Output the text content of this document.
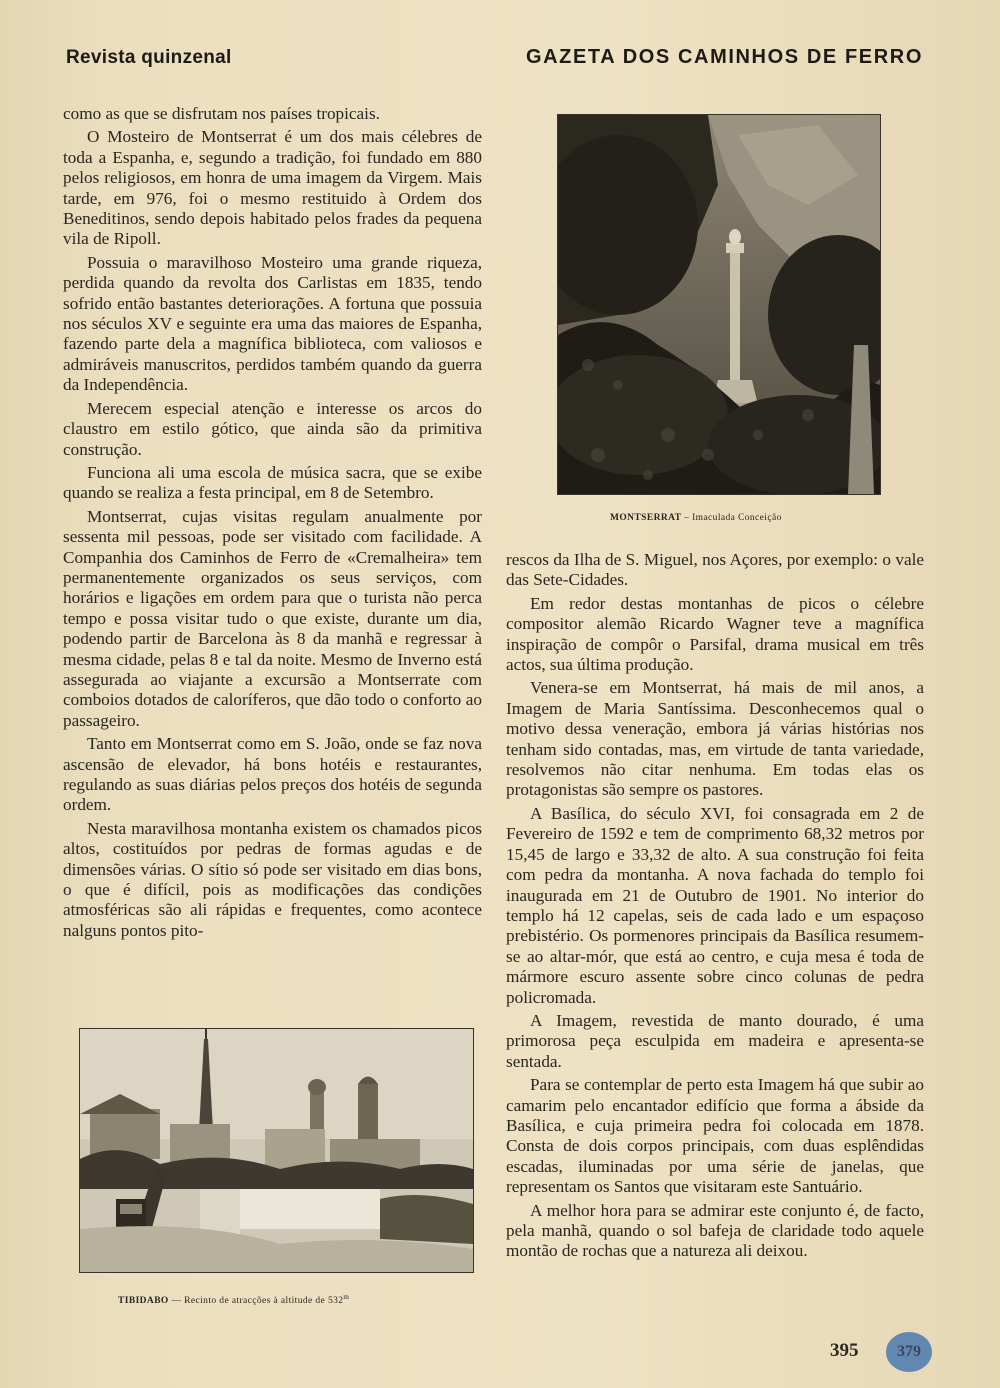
Revista quinzenal	GAZETA DOS CAMINHOS DE FERRO

como as que se disfrutam nos países tropicais.

O Mosteiro de Montserrat é um dos mais célebres de toda a Espanha, e, segundo a tradição, foi fundado em 880 pelos religiosos, em honra de uma imagem da Virgem. Mais tarde, em 976, foi o mesmo restituido à Ordem dos Beneditinos, sendo depois habitado pelos frades da pequena vila de Ripoll.

Possuia o maravilhoso Mosteiro uma grande riqueza, perdida quando da revolta dos Carlistas em 1835, tendo sofrido então bastantes deteriorações. A fortuna que possuia nos séculos XV e seguinte era uma das maiores de Espanha, fazendo parte dela a magnífica biblioteca, com valiosos e admiráveis manuscritos, perdidos também quando da guerra da Independência.

Merecem especial atenção e interesse os arcos do claustro em estilo gótico, que ainda são da primitiva construção.

Funciona ali uma escola de música sacra, que se exibe quando se realiza a festa principal, em 8 de Setembro.

Montserrat, cujas visitas regulam anualmente por sessenta mil pessoas, pode ser visitado com facilidade. A Companhia dos Caminhos de Ferro de «Cremalheira» tem permanentemente organizados os seus serviços, com horários e ligações em ordem para que o turista não perca tempo e possa visitar tudo o que existe, durante um dia, podendo partir de Barcelona às 8 da manhã e regressar à mesma cidade, pelas 8 e tal da noite. Mesmo de Inverno está assegurada ao viajante a excursão a Montserrate com comboios dotados de caloríferos, que dão todo o conforto ao passageiro.

Tanto em Montserrat como em S. João, onde se faz nova ascensão de elevador, há bons hotéis e restaurantes, regulando as suas diárias pelos preços dos hotéis de segunda ordem.

Nesta maravilhosa montanha existem os chamados picos altos, costituídos por pedras de formas agudas e de dimensões várias. O sítio só pode ser visitado em dias bons, o que é difícil, pois as modificações das condições atmosféricas são ali rápidas e frequentes, como acontece nalguns pontos pito-

MONTSERRAT – Imaculada Conceição

rescos da Ilha de S. Miguel, nos Açores, por exemplo: o vale das Sete-Cidades.

Em redor destas montanhas de picos o célebre compositor alemão Ricardo Wagner teve a magnífica inspiração de compôr o Parsifal, drama musical em três actos, sua última produção.

Venera-se em Montserrat, há mais de mil anos, a Imagem de Maria Santíssima. Desconhecemos qual o motivo dessa veneração, embora já várias histórias nos tenham sido contadas, mas, em virtude de tanta variedade, resolvemos não citar nenhuma. Em todas elas os protagonistas são sempre os pastores.

A Basílica, do século XVI, foi consagrada em 2 de Fevereiro de 1592 e tem de comprimento 68,32 metros por 15,45 de largo e 33,32 de alto. A sua construção foi feita com pedra da montanha. A nova fachada do templo foi inaugurada em 21 de Outubro de 1901. No interior do templo há 12 capelas, seis de cada lado e um espaçoso prebistério. Os pormenores principais da Basílica resumem-se ao altar-mór, que está ao centro, e cuja mesa é toda de mármore escuro assente sobre cinco colunas de pedra policromada.

A Imagem, revestida de manto dourado, é uma primorosa peça esculpida em madeira e apresenta-se sentada.

Para se contemplar de perto esta Imagem há que subir ao camarim pelo encantador edifício que forma a ábside da Basílica, e cuja primeira pedra foi colocada em 1878. Consta de dois corpos principais, com duas esplêndidas escadas, iluminadas por uma série de janelas, que representam os Santos que visitaram este Santuário.

A melhor hora para se admirar este conjunto é, de facto, pela manhã, quando o sol bafeja de claridade todo aquele montão de rochas que a natureza ali deixou.

TIBIDABO — Recinto de atracções à altitude de 532$^m$
395	379
